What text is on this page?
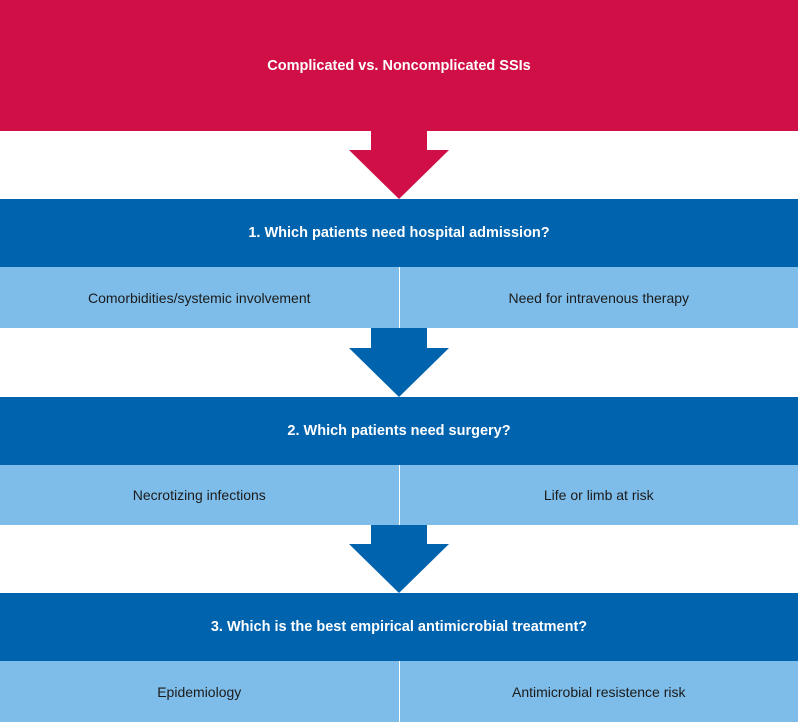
Complicated vs. Noncomplicated SSIs
1. Which patients need hospital admission?
Comorbidities/systemic involvement	Need for intravenous therapy
2. Which patients need surgery?
Necrotizing infections	Life or limb at risk
3. Which is the best empirical antimicrobial treatment?
Epidemiology	Antimicrobial resistence risk
